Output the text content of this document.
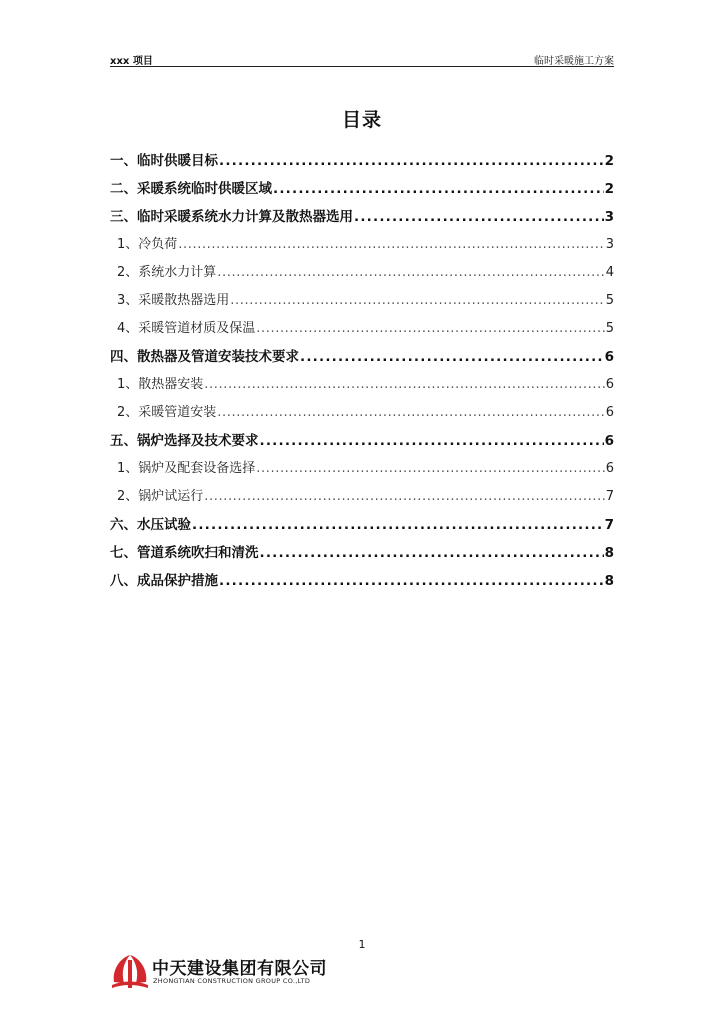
xxx 项目	临时采暖施工方案
目录
一、临时供暖目标 .....	2
二、采暖系统临时供暖区域 .....	2
三、临时采暖系统水力计算及散热器选用 .....	3
1、冷负荷 .....	3
2、系统水力计算 .....	4
3、采暖散热器选用 .....	5
4、采暖管道材质及保温 .....	5
四、散热器及管道安装技术要求 .....	6
1、散热器安装 .....	6
2、采暖管道安装 .....	6
五、锅炉选择及技术要求 .....	6
1、锅炉及配套设备选择 .....	6
2、锅炉试运行 .....	7
六、水压试验 .....	7
七、管道系统吹扫和清洗 .....	8
八、成品保护措施 .....	8
1
中天建设集团有限公司
ZHONGTIAN CONSTRUCTION GROUP CO.,LTD
